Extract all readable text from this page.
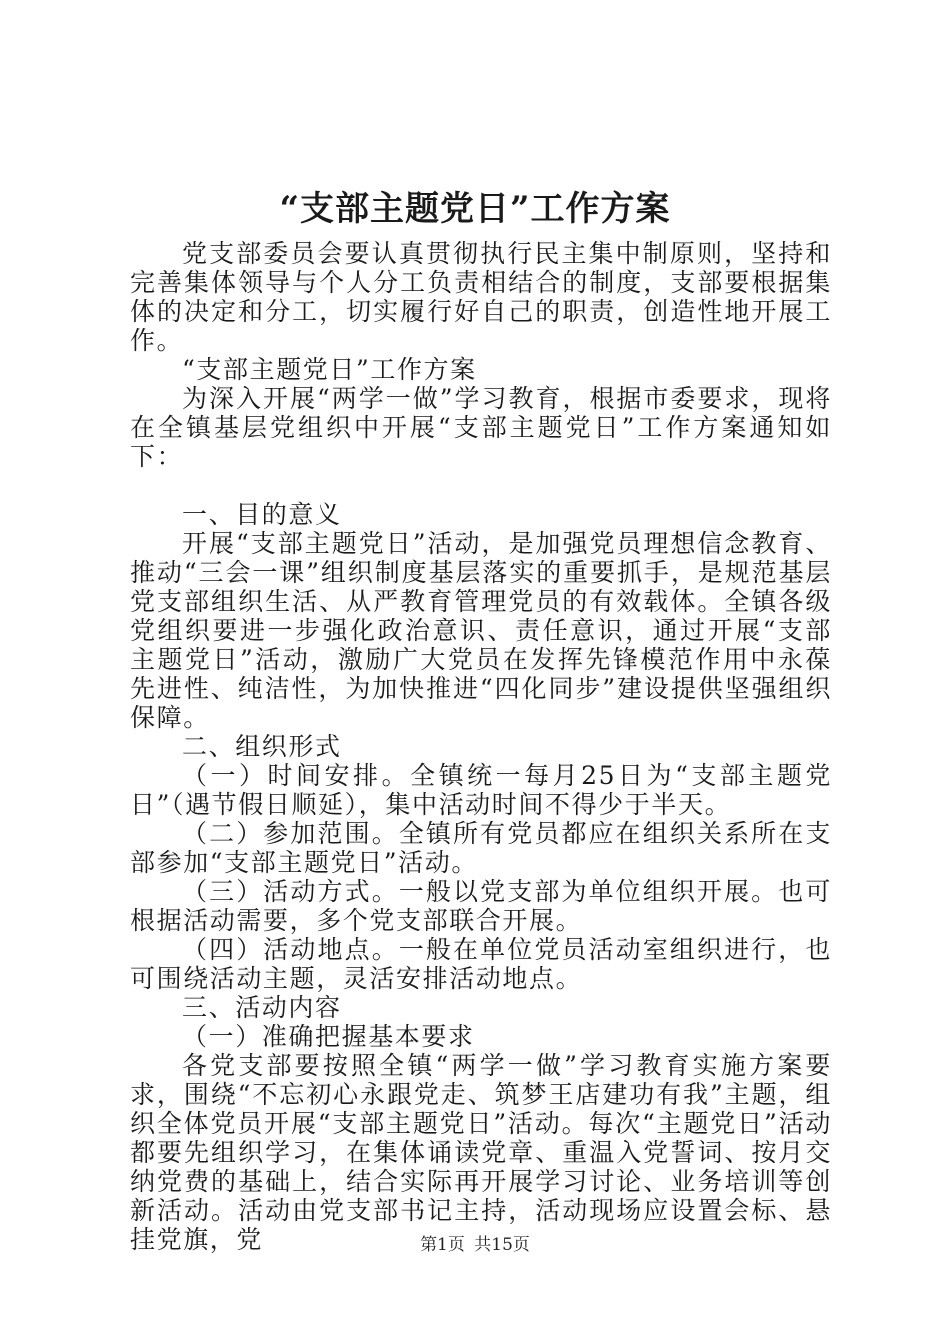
“支部主题党日”工作方案

党支部委员会要认真贯彻执行民主集中制原则，坚持和完善集体领导与个人分工负责相结合的制度，支部要根据集体的决定和分工，切实履行好自己的职责，创造性地开展工作。

“支部主题党日”工作方案

为深入开展“两学一做”学习教育，根据市委要求，现将在全镇基层党组织中开展“支部主题党日”工作方案通知如下：

一、目的意义

开展“支部主题党日”活动，是加强党员理想信念教育、推动“三会一课”组织制度基层落实的重要抓手，是规范基层党支部组织生活、从严教育管理党员的有效载体。全镇各级党组织要进一步强化政治意识、责任意识，通过开展“支部主题党日”活动，激励广大党员在发挥先锋模范作用中永葆先进性、纯洁性，为加快推进“四化同步”建设提供坚强组织保障。

二、组织形式

（一）时间安排。全镇统一每月25日为“支部主题党日”（遇节假日顺延），集中活动时间不得少于半天。

（二）参加范围。全镇所有党员都应在组织关系所在支部参加“支部主题党日”活动。

（三）活动方式。一般以党支部为单位组织开展。也可根据活动需要，多个党支部联合开展。

（四）活动地点。一般在单位党员活动室组织进行，也可围绕活动主题，灵活安排活动地点。

三、活动内容

（一）准确把握基本要求

各党支部要按照全镇“两学一做”学习教育实施方案要求，围绕“不忘初心永跟党走、筑梦王店建功有我”主题，组织全体党员开展“支部主题党日”活动。每次“主题党日”活动都要先组织学习，在集体诵读党章、重温入党誓词、按月交纳党费的基础上，结合实际再开展学习讨论、业务培训等创新活动。活动由党支部书记主持，活动现场应设置会标、悬挂党旗，党	第1页 共15页
